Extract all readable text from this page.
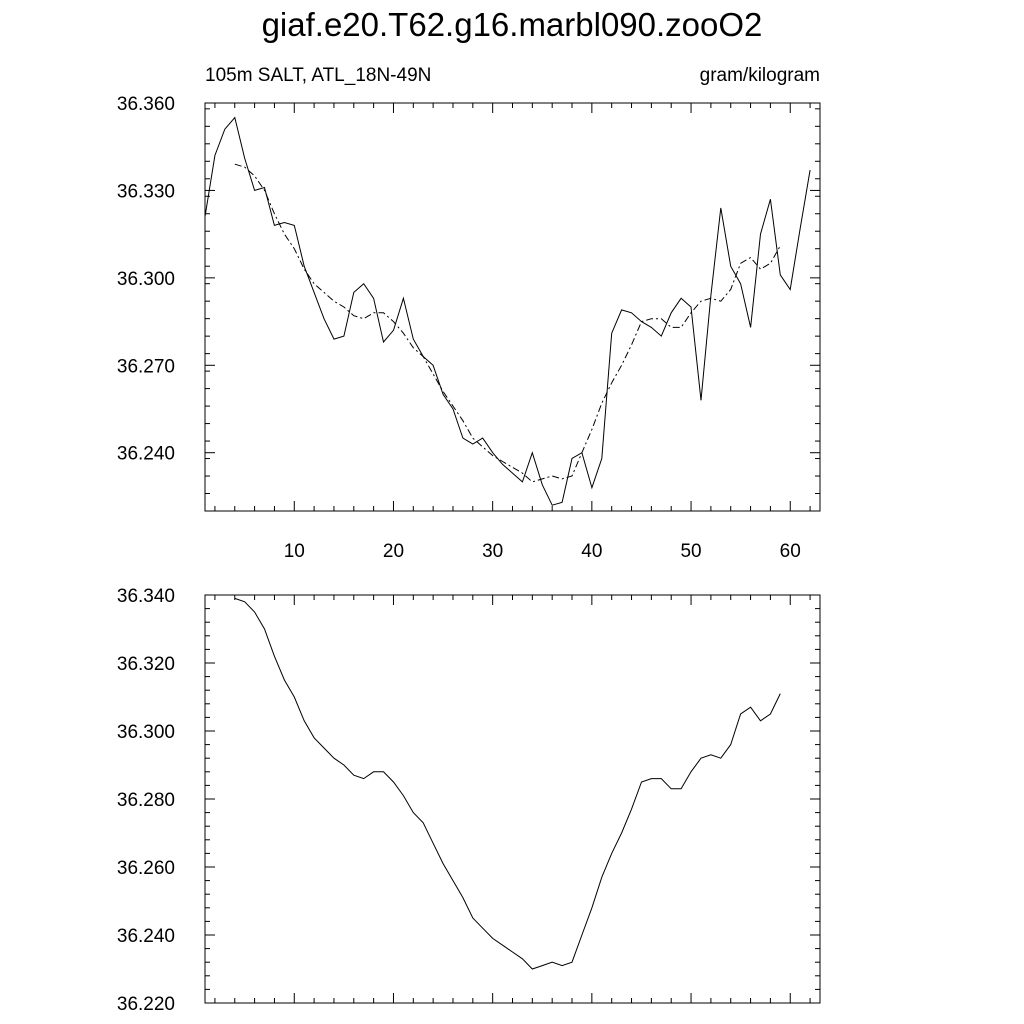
giaf.e20.T62.g16.marbl090.zooO2
105m SALT, ATL_18N-49N	gram/kilogram
10	20	30	40	50	60
36.240
36.270
36.300
36.330
36.360
36.220
36.240
36.260
36.280
36.300
36.320
36.340
